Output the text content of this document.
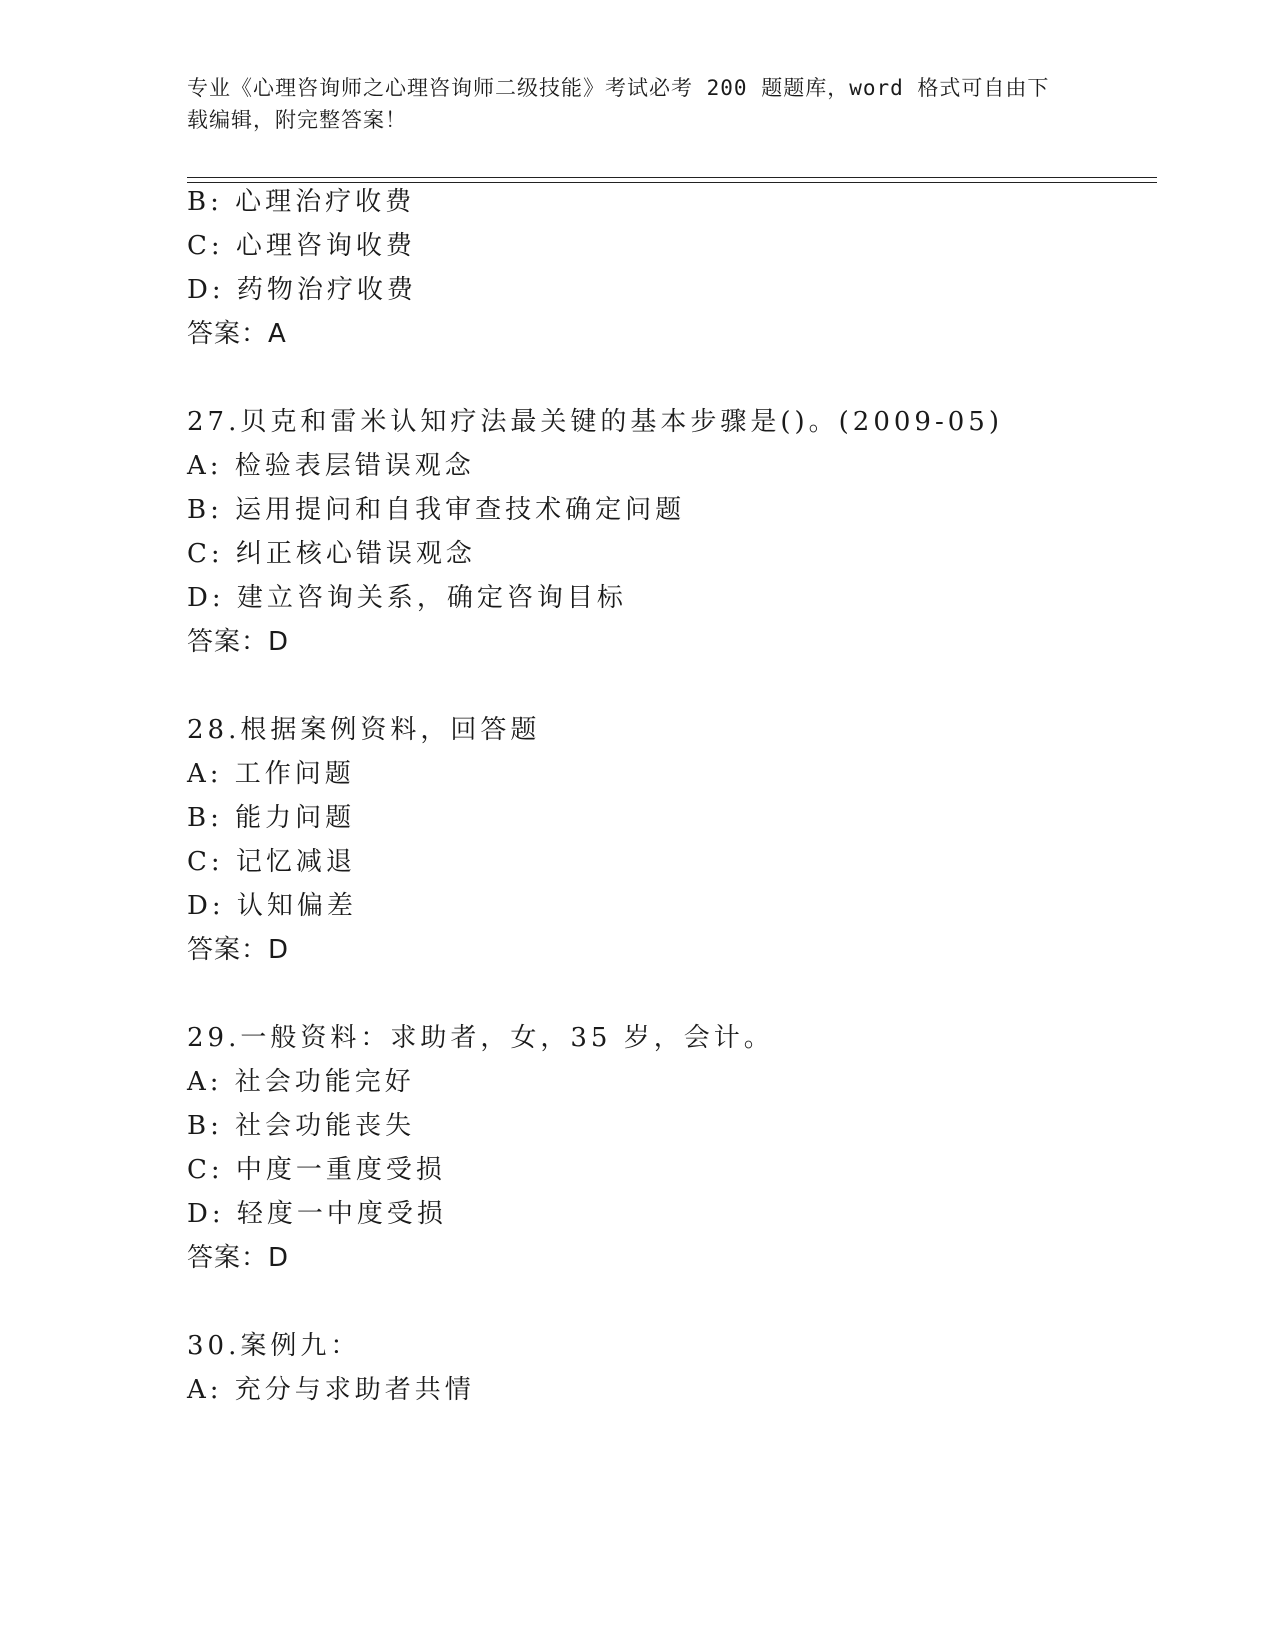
专业《心理咨询师之心理咨询师二级技能》考试必考 200 题题库，word 格式可自由下载编辑，附完整答案！
B: 心理治疗收费
C: 心理咨询收费
D: 药物治疗收费
答案：A
27.贝克和雷米认知疗法最关键的基本步骤是()。(2009-05)
A: 检验表层错误观念
B: 运用提问和自我审查技术确定问题
C: 纠正核心错误观念
D: 建立咨询关系，确定咨询目标
答案：D
28.根据案例资料，回答题
A: 工作问题
B: 能力问题
C: 记忆减退
D: 认知偏差
答案：D
29.一般资料：求助者，女，35 岁，会计。
A: 社会功能完好
B: 社会功能丧失
C: 中度一重度受损
D: 轻度一中度受损
答案：D
30.案例九：
A: 充分与求助者共情
